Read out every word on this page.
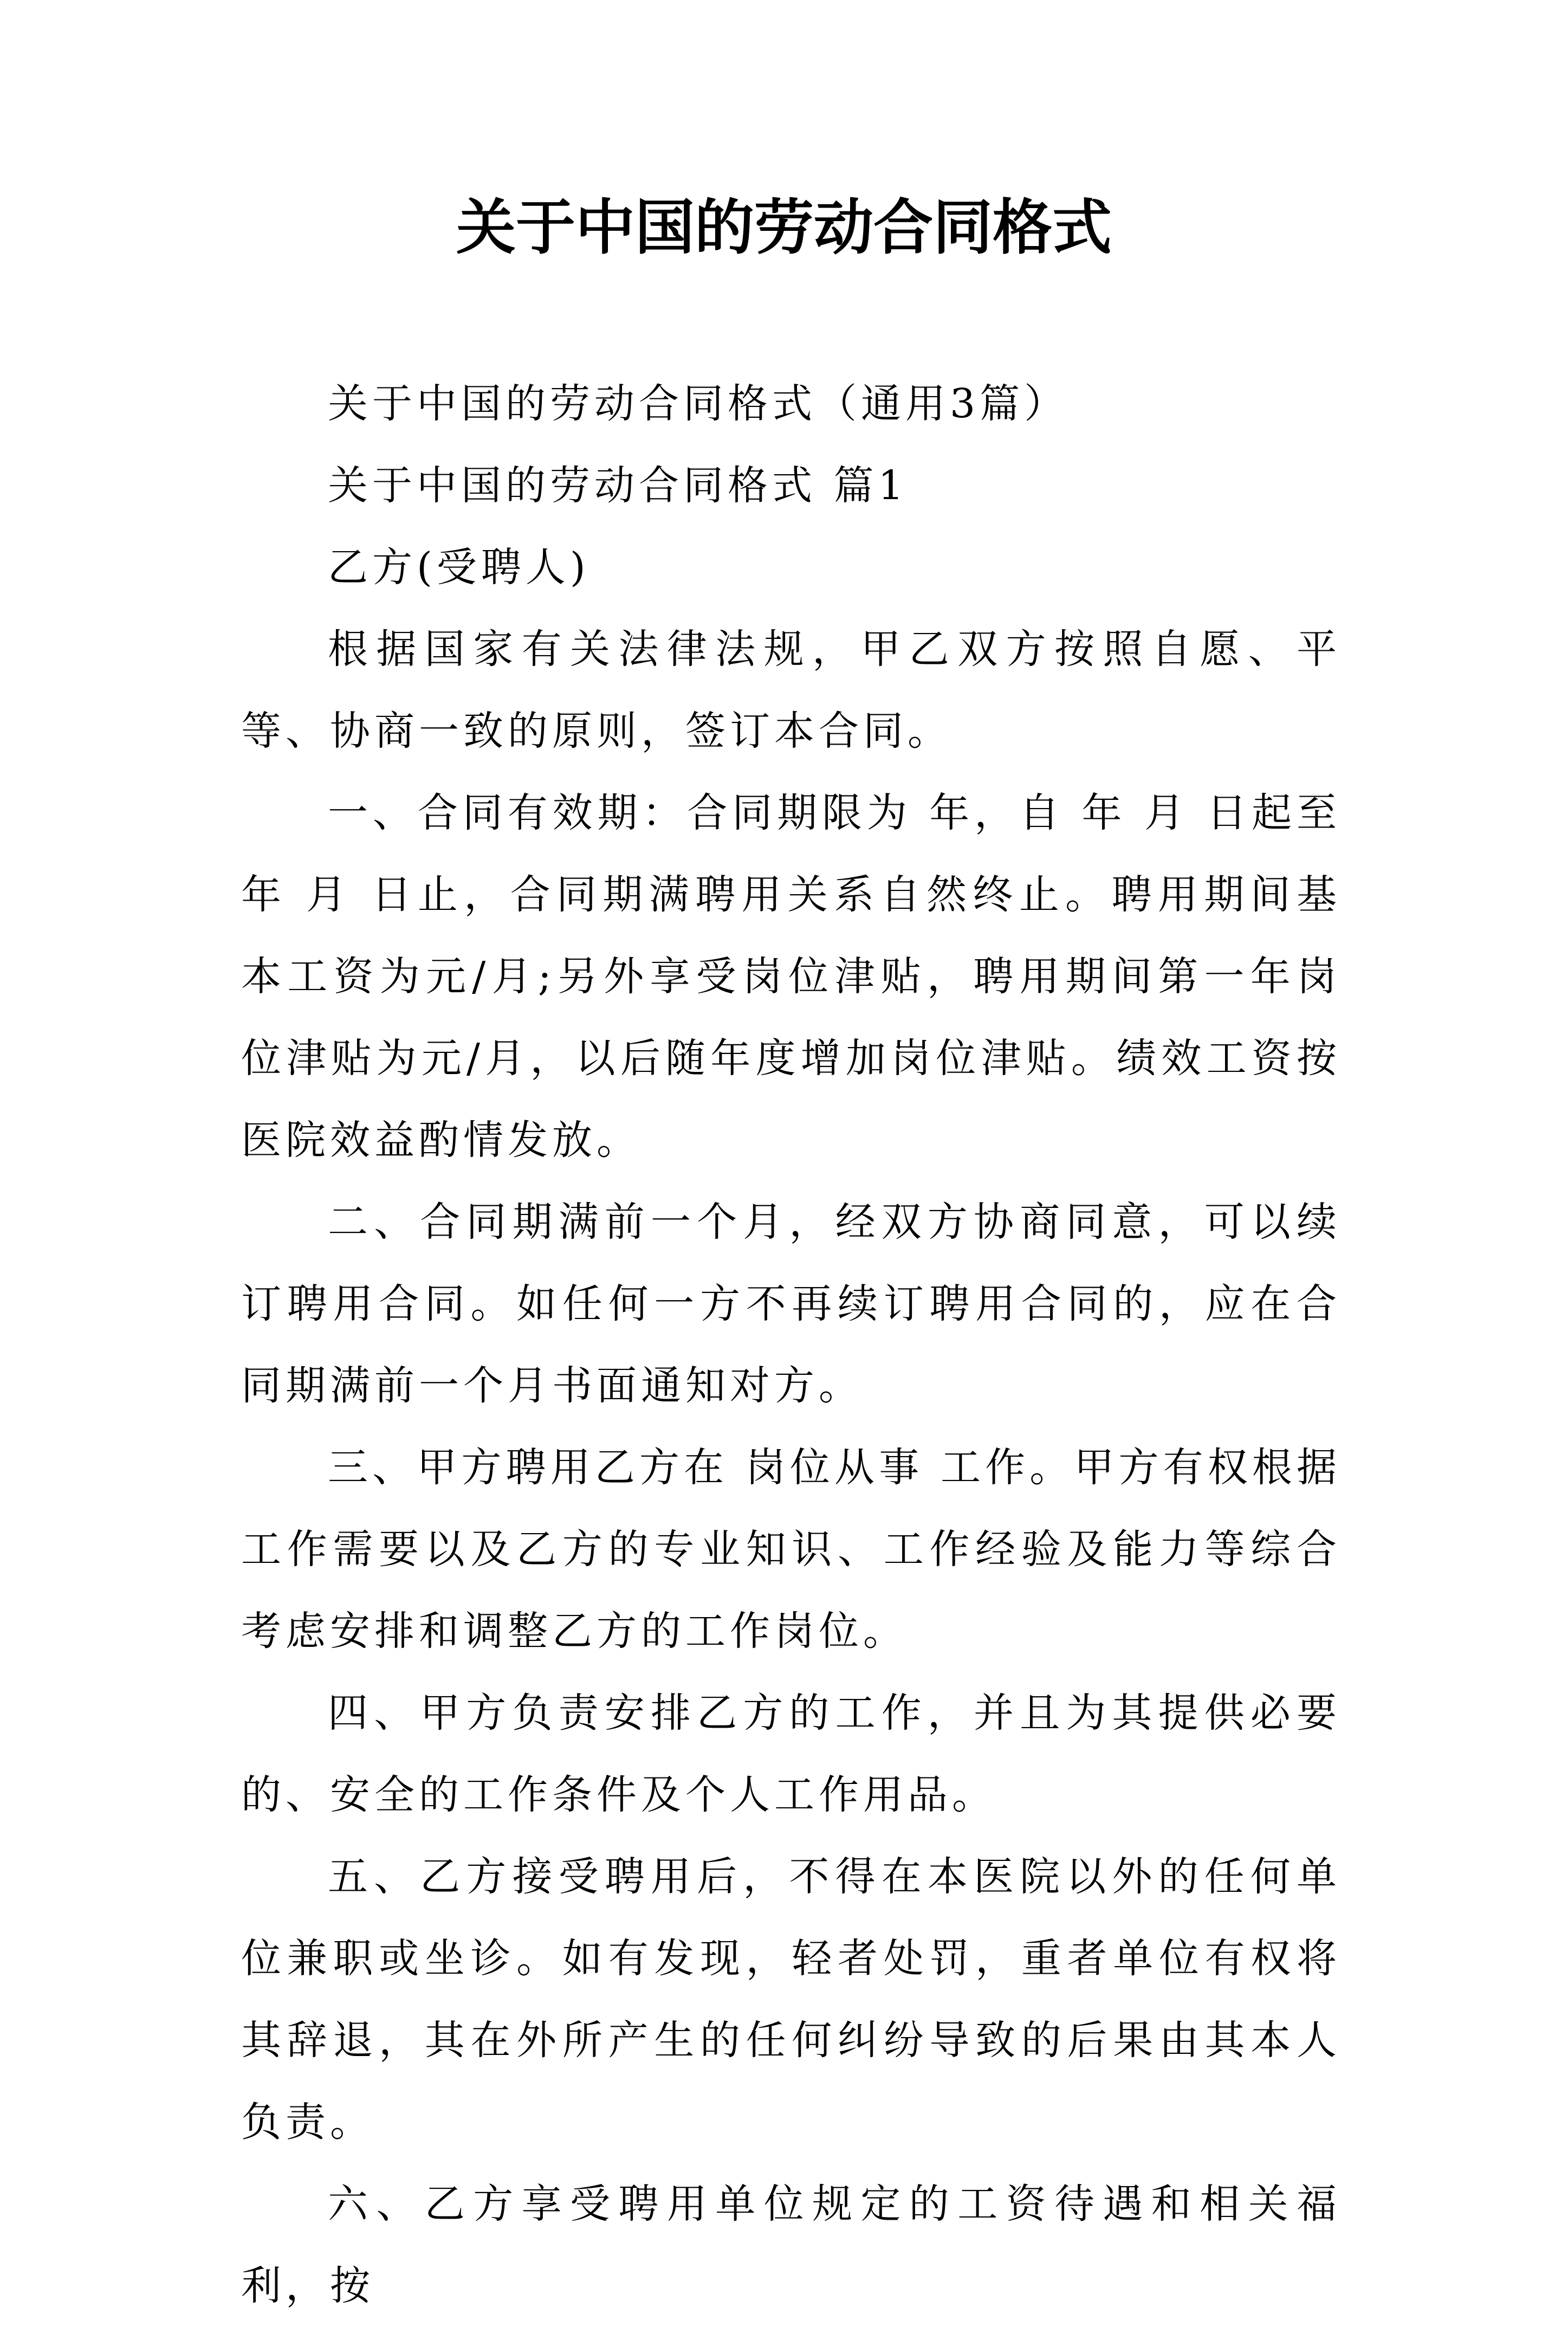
关于中国的劳动合同格式

关于中国的劳动合同格式（通用3篇）

关于中国的劳动合同格式 篇1

乙方(受聘人)

根据国家有关法律法规，甲乙双方按照自愿、平等、协商一致的原则，签订本合同。

一、合同有效期：合同期限为 年，自 年 月 日起至 年 月 日止，合同期满聘用关系自然终止。聘用期间基本工资为元/月;另外享受岗位津贴，聘用期间第一年岗位津贴为元/月，以后随年度增加岗位津贴。绩效工资按医院效益酌情发放。

二、合同期满前一个月，经双方协商同意，可以续订聘用合同。如任何一方不再续订聘用合同的，应在合同期满前一个月书面通知对方。

三、甲方聘用乙方在 岗位从事 工作。甲方有权根据工作需要以及乙方的专业知识、工作经验及能力等综合考虑安排和调整乙方的工作岗位。

四、甲方负责安排乙方的工作，并且为其提供必要的、安全的工作条件及个人工作用品。

五、乙方接受聘用后，不得在本医院以外的任何单位兼职或坐诊。如有发现，轻者处罚，重者单位有权将其辞退，其在外所产生的任何纠纷导致的后果由其本人负责。

六、乙方享受聘用单位规定的工资待遇和相关福利，按
